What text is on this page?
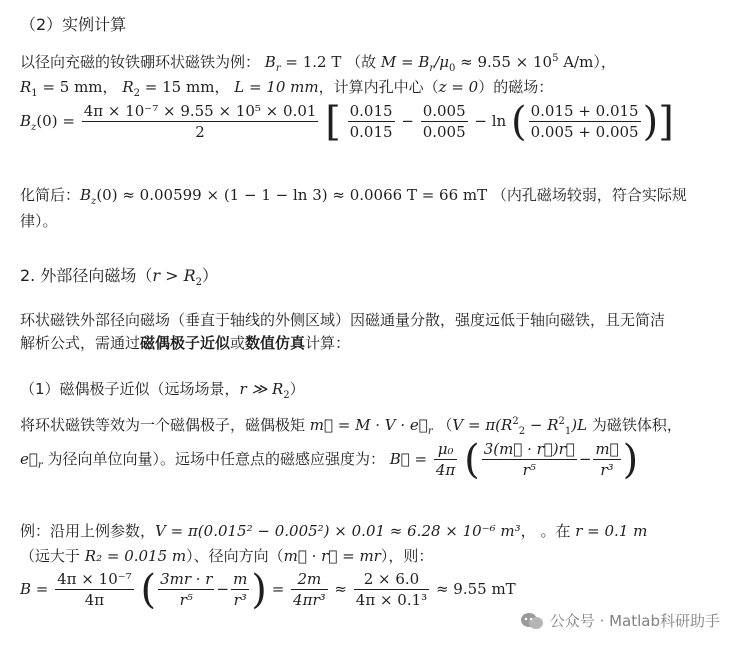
（2）实例计算
以径向充磁的钕铁硼环状磁铁为例： $B_r = 1.2$ T （故 $M = B_r/\mu_0 \approx 9.55 \times 10^5$ A/m），
$R_1 = 5$ mm， $R_2 = 15$ mm， L = 10 mm，计算内孔中心（z = 0）的磁场：
$B_z(0) = \frac{\text{4π × 10⁻⁷ × 9.55 × 10⁵ × 0.01}}{2}$ [ $\frac{0.015}{0.015} - \frac{0.005}{0.005} - \ln$ ( $\frac{0.015 + 0.015}{0.005 + 0.005}$ )]
化简后：$B_z(0) \approx 0.00599 \times (1 - 1 - \ln 3) \approx 0.0066$ T = 66 mT （内孔磁场较弱，符合实际规
律）。
2. 外部径向磁场$(r > R_2)$
环状磁铁外部径向磁场（垂直于轴线的外侧区域）因磁通量分散，强度远低于轴向磁铁，且无简洁
解析公式，需通过磁偶极子近似或数值仿真计算：
（1）磁偶极子近似（远场场景，r ≫ $R_2$）
将环状磁铁等效为一个磁偶极子，磁偶极矩 m⃗ = $M \cdot V \cdot e⃗_r$ （$V = \pi(R^2_2 - R^2_1)L$ 为磁铁体积，
$e⃗_r$ 为径向单位向量）。远场中任意点的磁感应强度为： B⃗ = $\frac{\text{μ₀}}{4\pi}$ ( $\frac{3(m⃗ \cdot r⃗)r⃗}{\text{r⁵}} - \frac{m⃗}{\text{r³}}$ )
例：沿用上例参数，V = π(0.015² − 0.005²) × 0.01 ≈ 6.28 × 10⁻⁶ m³， 。在 r = 0.1 m
（远大于 R₂ = 0.015 m）、径向方向（m⃗ · r⃗ = mr），则：
$B = \frac{\text{4π × 10⁻⁷}}{4\pi}$ ( $\frac{3mr \cdot r}{\text{r⁵}} - \frac{m}{\text{r³}}$ ) = $\frac{2m}{\text{4πr³}} \approx \frac{2 \times 6.0}{\text{4π × 0.1³}} \approx 9.55$ mT
公众号 · Matlab科研助手
